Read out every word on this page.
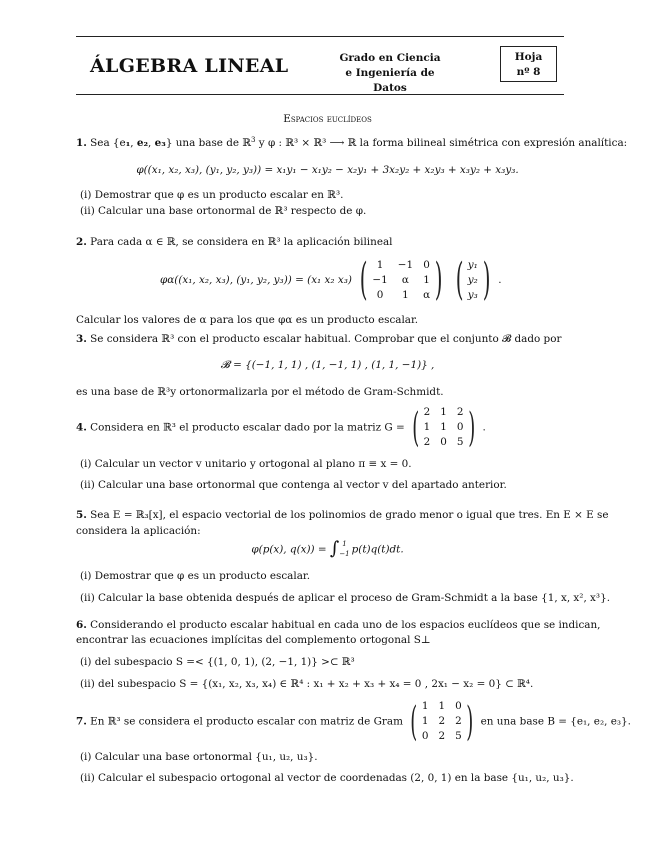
ÁLGEBRA LINEAL	Grado en Ciencia
e Ingeniería de Datos
Hoja
nº 8
Espacios euclídeos
1. Sea {e₁, e₂, e₃} una base de ℝ$^3$ y φ : ℝ³ × ℝ³ ⟶ ℝ la forma bilineal simétrica con expresión analítica:
φ((x₁, x₂, x₃), (y₁, y₂, y₃)) = x₁y₁ − x₁y₂ − x₂y₁ + 3x₂y₂ + x₂y₃ + x₃y₂ + x₃y₃.
(i) Demostrar que φ es un producto escalar en ℝ³.
(ii) Calcular una base ortonormal de ℝ³ respecto de φ.
2. Para cada α ∈ ℝ, se considera en ℝ³ la aplicación bilineal
φα((x₁, x₂, x₃), (y₁, y₂, y₃)) = (x₁ x₂ x₃) ( 1	−1 0
−1	α	1
0	1	α )
( y₁
y₂
y₃ ) .
Calcular los valores de α para los que φα es un producto escalar.
3. Se considera ℝ³ con el producto escalar habitual. Comprobar que el conjunto 𝓑 dado por
𝓑 = {(−1, 1, 1) , (1, −1, 1) , (1, 1, −1)} ,
es una base de ℝ³y ortonormalizarla por el método de Gram-Schmidt.
4. Considera en ℝ³ el producto escalar dado por la matriz G = ( 2 1 2
1 1 0
2 0 5 ) .
(i) Calcular un vector v unitario y ortogonal al plano π ≡ x = 0.
(ii) Calcular una base ortonormal que contenga al vector v del apartado anterior.
5. Sea E = ℝ₃[x], el espacio vectorial de los polinomios de grado menor o igual que tres. En E × E se
considera la aplicación:
φ(p(x), q(x)) = ∫ 1
−1 p(t)q(t)dt.
(i) Demostrar que φ es un producto escalar.
(ii) Calcular la base obtenida después de aplicar el proceso de Gram-Schmidt a la base {1, x, x², x³}.
6. Considerando el producto escalar habitual en cada uno de los espacios euclídeos que se indican,
encontrar las ecuaciones implícitas del complemento ortogonal S⊥
(i) del subespacio S =< {(1, 0, 1), (2, −1, 1)} >⊂ ℝ³
(ii) del subespacio S = {(x₁, x₂, x₃, x₄) ∈ ℝ⁴ : x₁ + x₂ + x₃ + x₄ = 0 , 2x₁ − x₂ = 0} ⊂ ℝ⁴.
7. En ℝ³ se considera el producto escalar con matriz de Gram ( 1 1 0
1 2 2
0 2 5 ) en una base B = {e₁, e₂, e₃}.
(i) Calcular una base ortonormal {u₁, u₂, u₃}.
(ii) Calcular el subespacio ortogonal al vector de coordenadas (2, 0, 1) en la base {u₁, u₂, u₃}.
